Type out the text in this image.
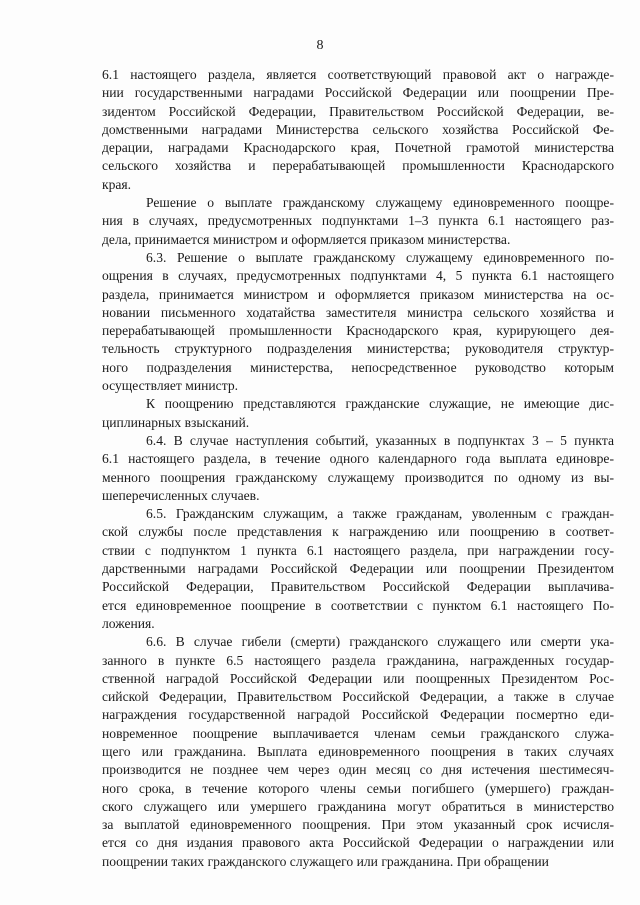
8
6.1 настоящего раздела, является соответствующий правовой акт о награжде-
нии государственными наградами Российской Федерации или поощрении Пре-
зидентом Российской Федерации, Правительством Российской Федерации, ве-
домственными наградами Министерства сельского хозяйства Российской Фе-
дерации, наградами Краснодарского края, Почетной грамотой министерства
сельского хозяйства и перерабатывающей промышленности Краснодарского
края.
Решение о выплате гражданскому служащему единовременного поощре-
ния в случаях, предусмотренных подпунктами 1–3 пункта 6.1 настоящего раз-
дела, принимается министром и оформляется приказом министерства.
6.3. Решение о выплате гражданскому служащему единовременного по-
ощрения в случаях, предусмотренных подпунктами 4, 5 пункта 6.1 настоящего
раздела, принимается министром и оформляется приказом министерства на ос-
новании письменного ходатайства заместителя министра сельского хозяйства и
перерабатывающей промышленности Краснодарского края, курирующего дея-
тельность структурного подразделения министерства; руководителя структур-
ного подразделения министерства, непосредственное руководство которым
осуществляет министр.
К поощрению представляются гражданские служащие, не имеющие дис-
циплинарных взысканий.
6.4. В случае наступления событий, указанных в подпунктах 3 – 5 пункта
6.1 настоящего раздела, в течение одного календарного года выплата единовре-
менного поощрения гражданскому служащему производится по одному из вы-
шеперечисленных случаев.
6.5. Гражданским служащим, а также гражданам, уволенным с граждан-
ской службы после представления к награждению или поощрению в соответ-
ствии с подпунктом 1 пункта 6.1 настоящего раздела, при награждении госу-
дарственными наградами Российской Федерации или поощрении Президентом
Российской Федерации, Правительством Российской Федерации выплачива-
ется единовременное поощрение в соответствии с пунктом 6.1 настоящего По-
ложения.
6.6. В случае гибели (смерти) гражданского служащего или смерти ука-
занного в пункте 6.5 настоящего раздела гражданина, награжденных государ-
ственной наградой Российской Федерации или поощренных Президентом Рос-
сийской Федерации, Правительством Российской Федерации, а также в случае
награждения государственной наградой Российской Федерации посмертно еди-
новременное поощрение выплачивается членам семьи гражданского служа-
щего или гражданина. Выплата единовременного поощрения в таких случаях
производится не позднее чем через один месяц со дня истечения шестимесяч-
ного срока, в течение которого члены семьи погибшего (умершего) граждан-
ского служащего или умершего гражданина могут обратиться в министерство
за выплатой единовременного поощрения. При этом указанный срок исчисля-
ется со дня издания правового акта Российской Федерации о награждении или
поощрении таких гражданского служащего или гражданина. При обращении
